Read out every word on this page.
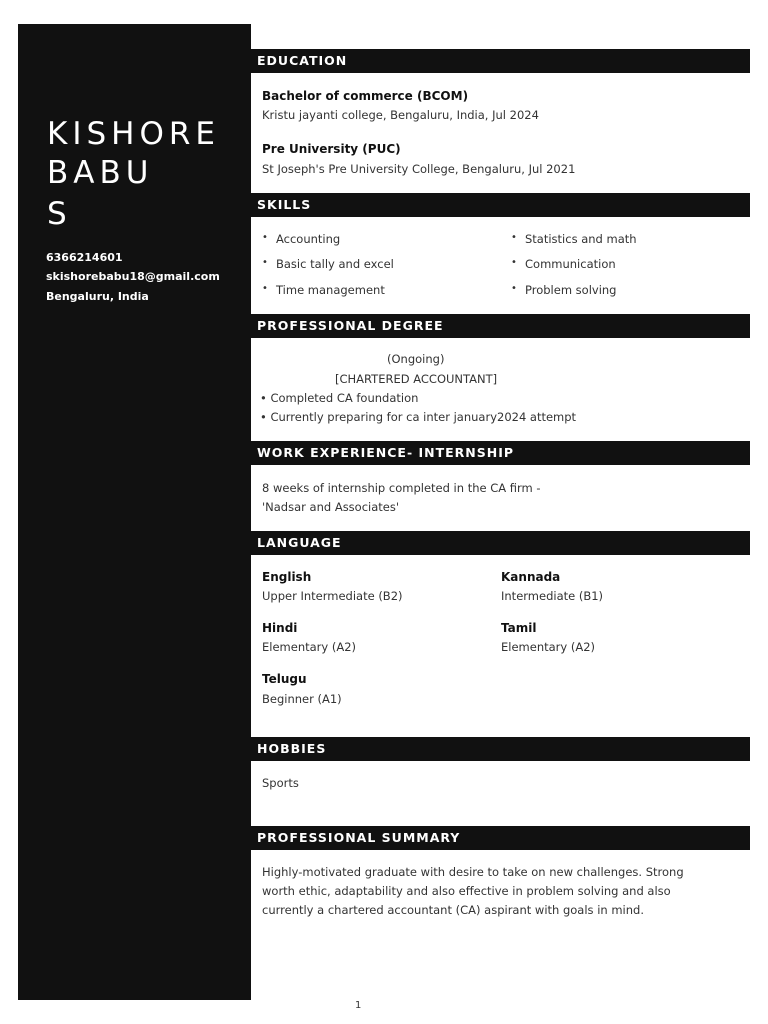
KISHORE
BABU
S
6366214601
skishorebabu18@gmail.com
Bengaluru, India
EDUCATION
Bachelor of commerce (BCOM)
Kristu jayanti college, Bengaluru, India, Jul 2024
Pre University (PUC)
St Joseph's Pre University College, Bengaluru, Jul 2021
SKILLS
• Accounting	• Statistics and math
• Basic tally and excel	• Communication
• Time management	• Problem solving
PROFESSIONAL DEGREE
(Ongoing)
[CHARTERED ACCOUNTANT]
• Completed CA foundation
• Currently preparing for ca inter january2024 attempt
WORK EXPERIENCE- INTERNSHIP
8 weeks of internship completed in the CA firm -
'Nadsar and Associates'
LANGUAGE
English
Upper Intermediate (B2)
Kannada
Intermediate (B1)
Hindi
Elementary (A2)
Tamil
Elementary (A2)
Telugu
Beginner (A1)
HOBBIES
Sports
PROFESSIONAL SUMMARY
Highly-motivated graduate with desire to take on new challenges. Strong
worth ethic, adaptability and also effective in problem solving and also
currently a chartered accountant (CA) aspirant with goals in mind.
1
